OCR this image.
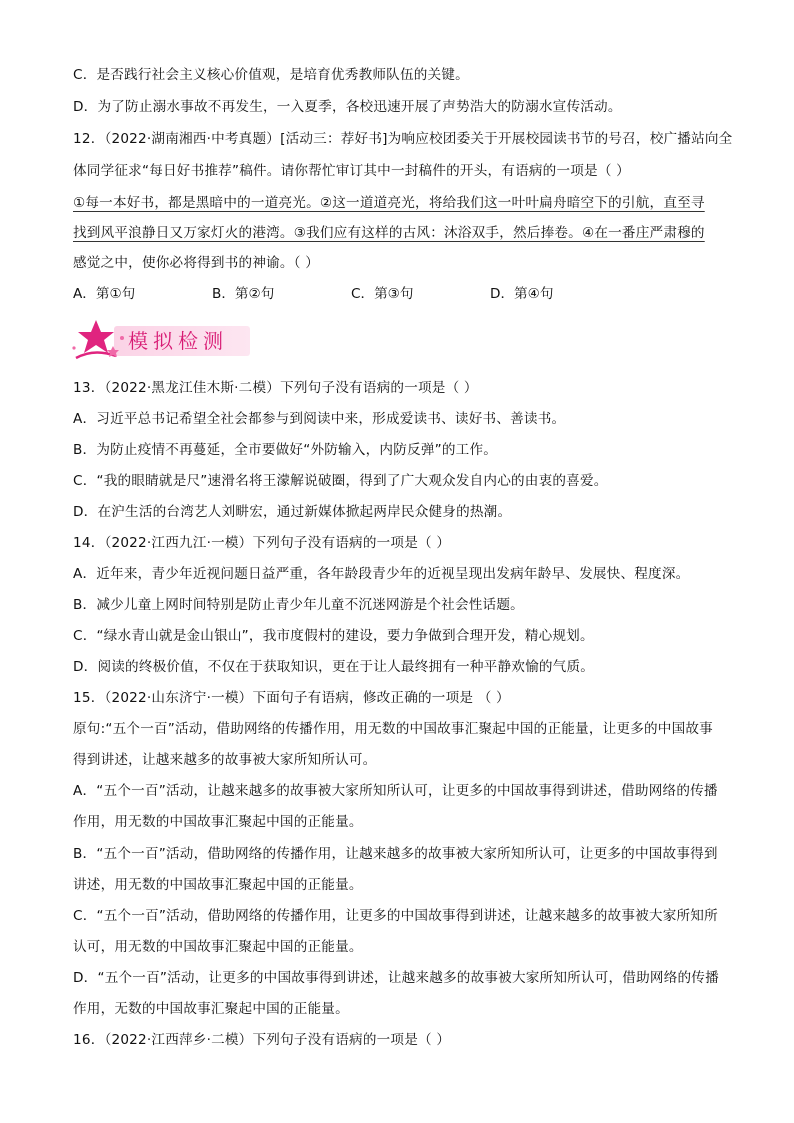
C．是否践行社会主义核心价值观，是培育优秀教师队伍的关键。
D．为了防止溺水事故不再发生，一入夏季，各校迅速开展了声势浩大的防溺水宣传活动。
12．（2022·湖南湘西·中考真题）[活动三：荐好书]为响应校团委关于开展校园读书节的号召，校广播站向全
体同学征求“每日好书推荐”稿件。请你帮忙审订其中一封稿件的开头，有语病的一项是（ ）
①每一本好书，都是黑暗中的一道亮光。②这一道道亮光，将给我们这一叶叶扁舟暗空下的引航，直至寻
找到风平浪静日又万家灯火的港湾。③我们应有这样的古风：沐浴双手，然后捧卷。④在一番庄严肃穆的
感觉之中，使你必将得到书的神谕。（ ）
A．第①句	B．第②句	C．第③句	D．第④句
模拟检测
13．（2022·黑龙江佳木斯·二模）下列句子没有语病的一项是（ ）
A．习近平总书记希望全社会都参与到阅读中来，形成爱读书、读好书、善读书。
B．为防止疫情不再蔓延，全市要做好“外防输入，内防反弹”的工作。
C．“我的眼睛就是尺”速滑名将王濛解说破圈，得到了广大观众发自内心的由衷的喜爱。
D．在沪生活的台湾艺人刘畊宏，通过新媒体掀起两岸民众健身的热潮。
14．（2022·江西九江·一模）下列句子没有语病的一项是（ ）
A．近年来，青少年近视问题日益严重，各年龄段青少年的近视呈现出发病年龄早、发展快、程度深。
B．减少儿童上网时间特别是防止青少年儿童不沉迷网游是个社会性话题。
C．“绿水青山就是金山银山”，我市度假村的建设，要力争做到合理开发，精心规划。
D．阅读的终极价值，不仅在于获取知识，更在于让人最终拥有一种平静欢愉的气质。
15．（2022·山东济宁·一模）下面句子有语病，修改正确的一项是 （ ）
原句:“五个一百”活动，借助网络的传播作用，用无数的中国故事汇聚起中国的正能量，让更多的中国故事
得到讲述，让越来越多的故事被大家所知所认可。
A．“五个一百”活动，让越来越多的故事被大家所知所认可，让更多的中国故事得到讲述，借助网络的传播
作用，用无数的中国故事汇聚起中国的正能量。
B．“五个一百”活动，借助网络的传播作用，让越来越多的故事被大家所知所认可，让更多的中国故事得到
讲述，用无数的中国故事汇聚起中国的正能量。
C．“五个一百”活动，借助网络的传播作用，让更多的中国故事得到讲述，让越来越多的故事被大家所知所
认可，用无数的中国故事汇聚起中国的正能量。
D．“五个一百”活动，让更多的中国故事得到讲述，让越来越多的故事被大家所知所认可，借助网络的传播
作用，无数的中国故事汇聚起中国的正能量。
16．（2022·江西萍乡·二模）下列句子没有语病的一项是（ ）
